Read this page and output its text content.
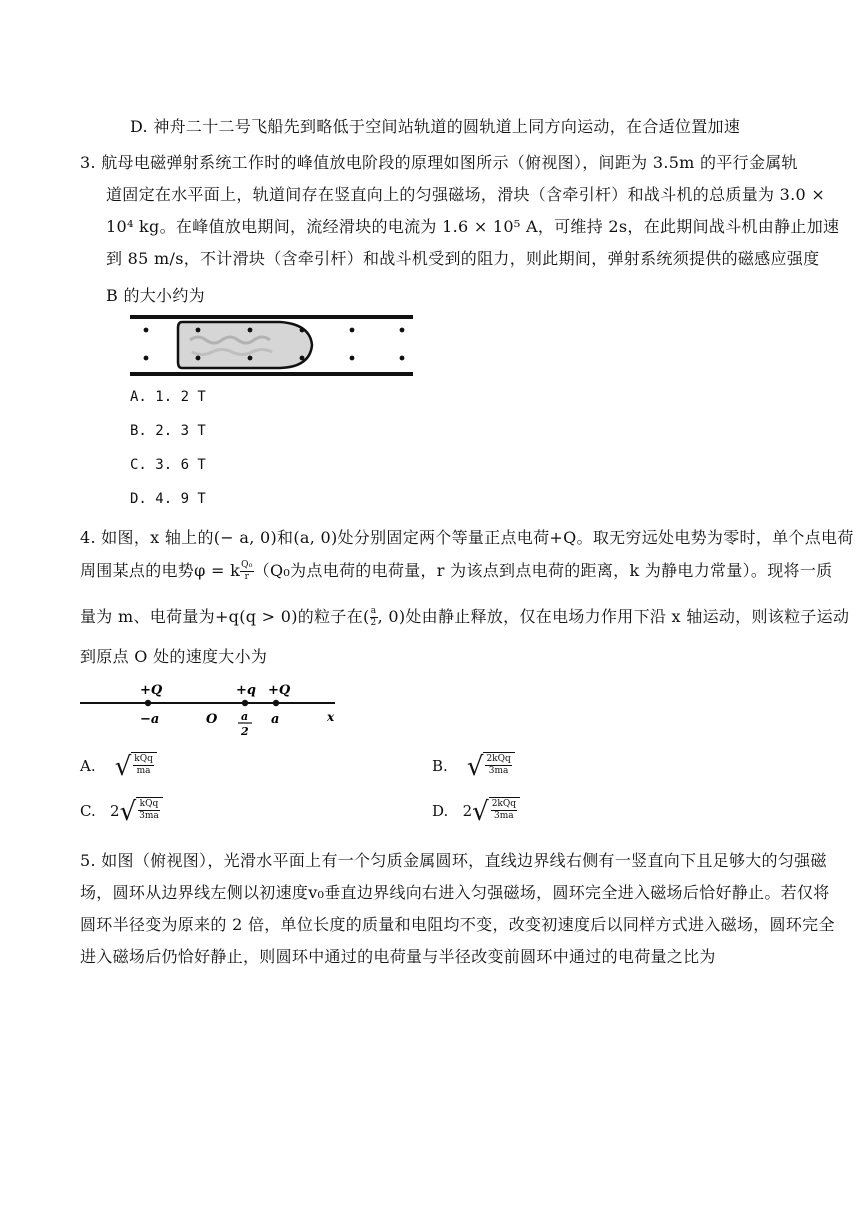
D. 神舟二十二号飞船先到略低于空间站轨道的圆轨道上同方向运动，在合适位置加速
3. 航母电磁弹射系统工作时的峰值放电阶段的原理如图所示（俯视图），间距为 3.5m 的平行金属轨
道固定在水平面上，轨道间存在竖直向上的匀强磁场，滑块（含牵引杆）和战斗机的总质量为 3.0 ×
10⁴ kg。在峰值放电期间，流经滑块的电流为 1.6 × 10⁵ A，可维持 2s，在此期间战斗机由静止加速
到 85 m/s，不计滑块（含牵引杆）和战斗机受到的阻力，则此期间，弹射系统须提供的磁感应强度
B 的大小约为
A. 1. 2 T
B. 2. 3 T
C. 3. 6 T
D. 4. 9 T
4. 如图，x 轴上的(− a, 0)和(a, 0)处分别固定两个等量正点电荷+Q。取无穷远处电势为零时，单个点电荷
周围某点的电势φ = k $\frac{\text{Q₀}}{r} (Q_0$为点电荷的电荷量，r 为该点到点电荷的距离，k 为静电力常量）。现将一质
量为 m、电荷量为+q(q > 0)的粒子在( $\frac{a}{2}$ , 0)处由静止释放，仅在电场力作用下沿 x 轴运动，则该粒子运动
到原点 O 处的速度大小为
+Q	+q +Q
−a	O	a	x
a
2
A. √ $\frac{\text{kQq}}{ma}$	B. √ $\frac{\text{2kQq}}{3ma}$
C. 2 √ $\frac{\text{kQq}}{3ma}$	D. 2 √ $\frac{\text{2kQq}}{3ma}$
5. 如图（俯视图），光滑水平面上有一个匀质金属圆环，直线边界线右侧有一竖直向下且足够大的匀强磁
场，圆环从边界线左侧以初速度v₀垂直边界线向右进入匀强磁场，圆环完全进入磁场后恰好静止。若仅将
圆环半径变为原来的 2 倍，单位长度的质量和电阻均不变，改变初速度后以同样方式进入磁场，圆环完全
进入磁场后仍恰好静止，则圆环中通过的电荷量与半径改变前圆环中通过的电荷量之比为
